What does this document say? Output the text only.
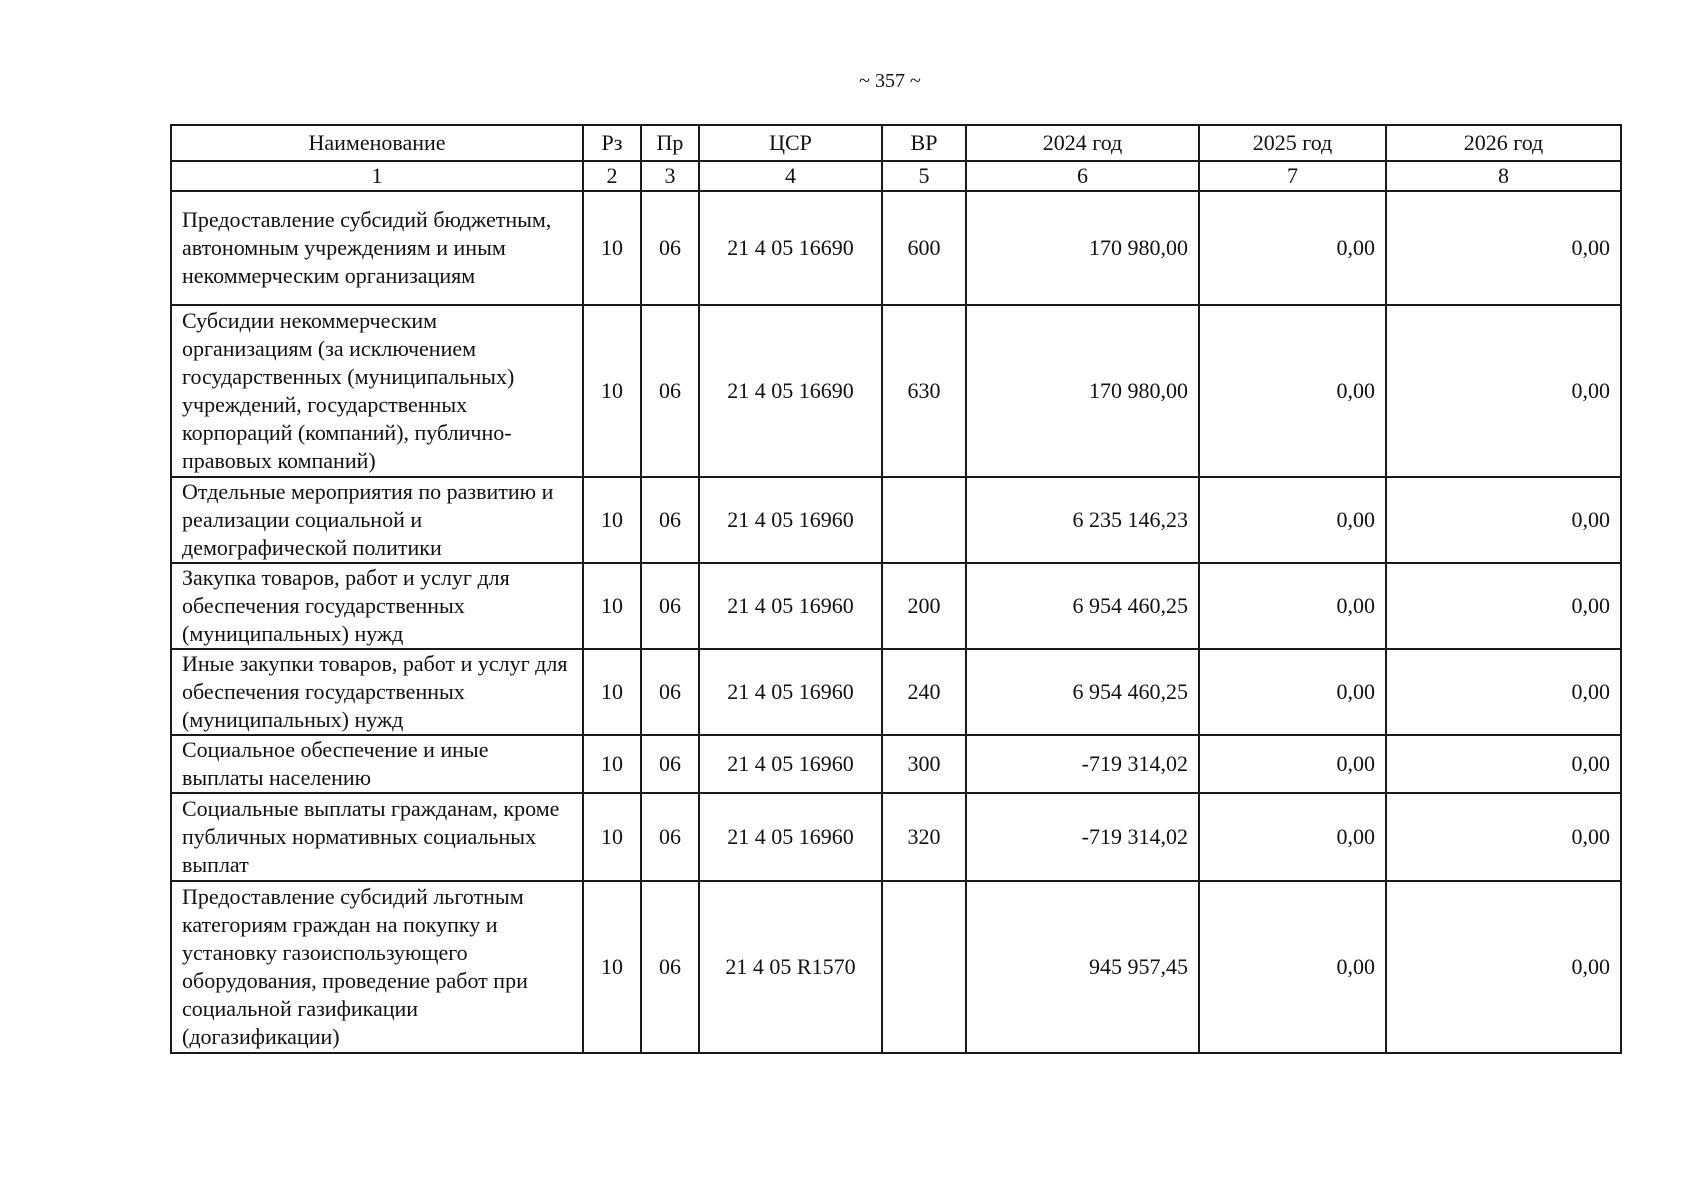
~ 357 ~
Наименование	Рз	Пр	ЦСР	ВР	2024 год	2025 год	2026 год
1	2	3	4	5	6	7	8
Предоставление субсидий бюджетным, автономным учреждениям и иным некоммерческим организациям	10	06	21 4 05 16690	600	170 980,00	0,00	0,00
Субсидии некоммерческим организациям (за исключением государственных (муниципальных) учреждений, государственных корпораций (компаний), публично-правовых компаний)	10	06	21 4 05 16690	630	170 980,00	0,00	0,00
Отдельные мероприятия по развитию и реализации социальной и демографической политики	10	06	21 4 05 16960		6 235 146,23	0,00	0,00
Закупка товаров, работ и услуг для обеспечения государственных (муниципальных) нужд	10	06	21 4 05 16960	200	6 954 460,25	0,00	0,00
Иные закупки товаров, работ и услуг для обеспечения государственных (муниципальных) нужд	10	06	21 4 05 16960	240	6 954 460,25	0,00	0,00
Социальное обеспечение и иные выплаты населению	10	06	21 4 05 16960	300	-719 314,02	0,00	0,00
Социальные выплаты гражданам, кроме публичных нормативных социальных выплат	10	06	21 4 05 16960	320	-719 314,02	0,00	0,00
Предоставление субсидий льготным категориям граждан на покупку и установку газоиспользующего оборудования, проведение работ при социальной газификации (догазификации)	10	06	21 4 05 R1570		945 957,45	0,00	0,00
